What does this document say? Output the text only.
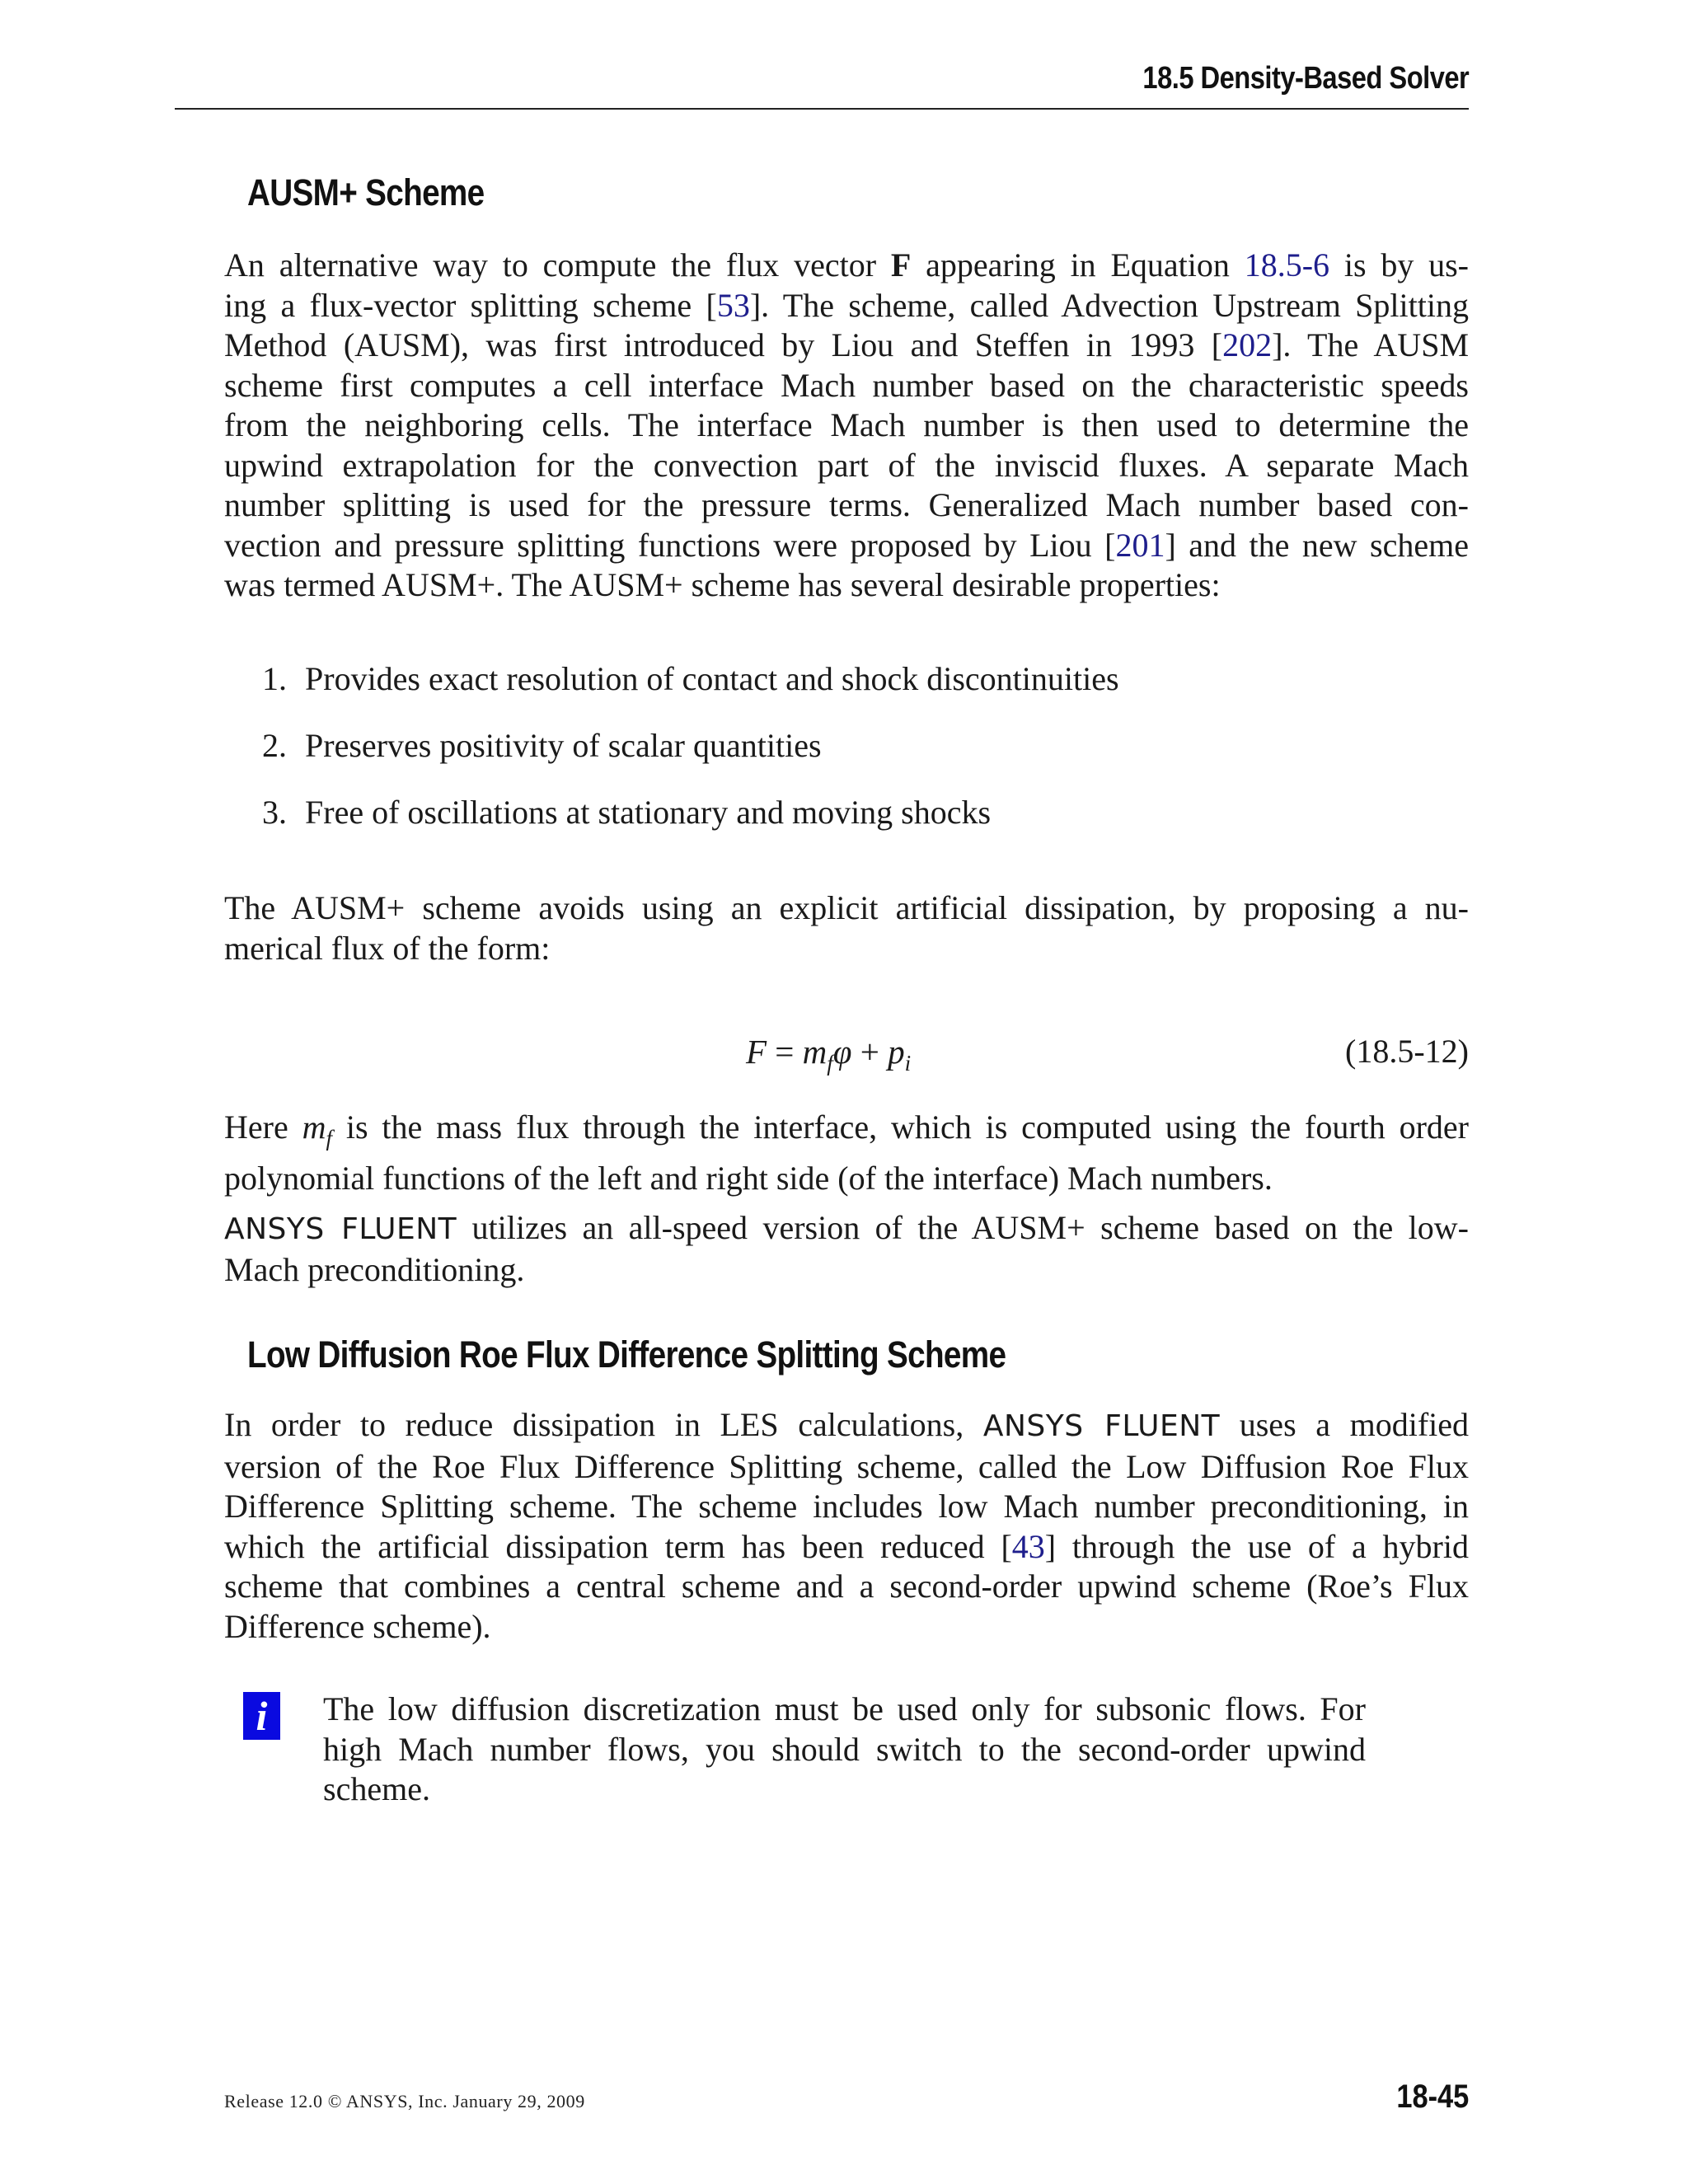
18.5 Density-Based Solver
AUSM+ Scheme
An alternative way to compute the flux vector F appearing in Equation 18.5-6 is by us-
ing a flux-vector splitting scheme [53]. The scheme, called Advection Upstream Splitting
Method (AUSM), was first introduced by Liou and Steffen in 1993 [202]. The AUSM
scheme first computes a cell interface Mach number based on the characteristic speeds
from the neighboring cells. The interface Mach number is then used to determine the
upwind extrapolation for the convection part of the inviscid fluxes. A separate Mach
number splitting is used for the pressure terms. Generalized Mach number based con-
vection and pressure splitting functions were proposed by Liou [201] and the new scheme
was termed AUSM+. The AUSM+ scheme has several desirable properties:
1. Provides exact resolution of contact and shock discontinuities
2. Preserves positivity of scalar quantities
3. Free of oscillations at stationary and moving shocks
The AUSM+ scheme avoids using an explicit artificial dissipation, by proposing a nu-
merical flux of the form:
$F = m_f\varphi + p_i$	(18.5-12)
Here $m_f$ is the mass flux through the interface, which is computed using the fourth order
polynomial functions of the left and right side (of the interface) Mach numbers.
ANSYS FLUENT utilizes an all-speed version of the AUSM+ scheme based on the low-
Mach preconditioning.
Low Diffusion Roe Flux Difference Splitting Scheme
In order to reduce dissipation in LES calculations, ANSYS FLUENT uses a modified
version of the Roe Flux Difference Splitting scheme, called the Low Diffusion Roe Flux
Difference Splitting scheme. The scheme includes low Mach number preconditioning, in
which the artificial dissipation term has been reduced [43] through the use of a hybrid
scheme that combines a central scheme and a second-order upwind scheme (Roe’s Flux
Difference scheme).
i	The low diffusion discretization must be used only for subsonic flows. For
high Mach number flows, you should switch to the second-order upwind
scheme.
Release 12.0 © ANSYS, Inc. January 29, 2009	18-45
